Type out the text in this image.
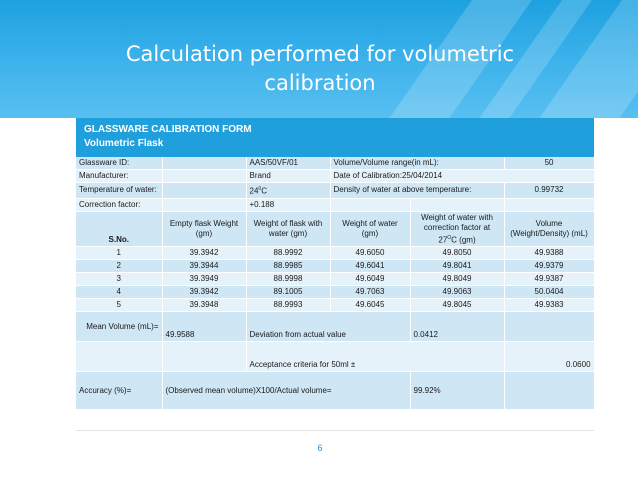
Calculation performed for volumetric
calibration
GLASSWARE CALIBRATION FORM
Volumetric Flask
Glassware ID:		AAS/50VF/01	Volume/Volume range(in mL):		50
Manufacturer:		Brand	Date of Calibration:25/04/2014		
Temperature of water:		$24^0C$	Density of water at above temperature:		0.99732
Correction factor:		+0.188			
S.No.	Empty flask Weight (gm)	Weight of flask with water (gm)	Weight of water (gm)	Weight of water with correction factor at $27^OC$ (gm)	Volume (Weight/Density) (mL)
1	39.3942	88.9992	49.6050	49.8050	49.9388
2	39.3944	88.9985	49.6041	49.8041	49.9379
3	39.3949	88.9998	49.6049	49.8049	49.9387
4	39.3942	89.1005	49.7063	49.9063	50.0404
5	39.3948	88.9993	49.6045	49.8045	49.9383
Mean Volume (mL)=	49.9588	Deviation from actual value		0.0412	
		Acceptance criteria for 50ml ±			0.0600
Accuracy (%)=	(Observed mean volume)X100/Actual volume=			99.92%	
6
